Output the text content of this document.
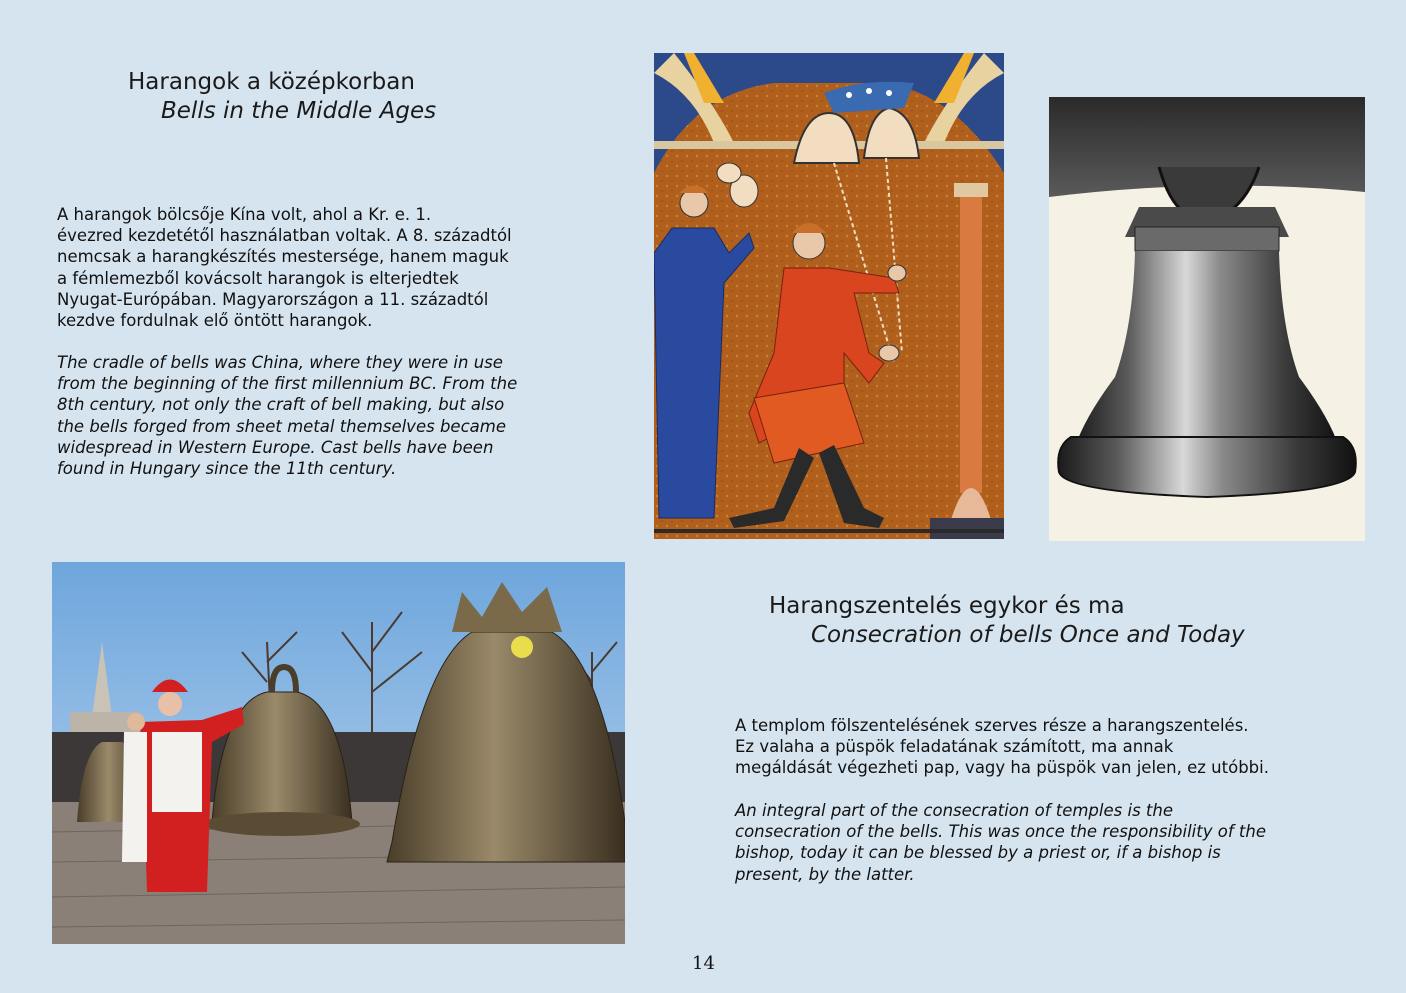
Harangok a középkorban
Bells in the Middle Ages
A harangok bölcsője Kína volt, ahol a Kr. e. 1.
évezred kezdetétől használatban voltak. A 8. századtól
nemcsak a harangkészítés mestersége, hanem maguk
a fémlemezből kovácsolt harangok is elterjedtek
Nyugat-Európában. Magyarországon a 11. századtól
kezdve fordulnak elő öntött harangok.
The cradle of bells was China, where they were in use
from the beginning of the first millennium BC. From the
8th century, not only the craft of bell making, but also
the bells forged from sheet metal themselves became
widespread in Western Europe. Cast bells have been
found in Hungary since the 11th century.
Harangszentelés egykor és ma
Consecration of bells Once and Today
A templom fölszentelésének szerves része a harangszentelés.
Ez valaha a püspök feladatának számított, ma annak
megáldását végezheti pap, vagy ha püspök van jelen, ez utóbbi.
An integral part of the consecration of temples is the
consecration of the bells. This was once the responsibility of the
bishop, today it can be blessed by a priest or, if a bishop is
present, by the latter.
14
